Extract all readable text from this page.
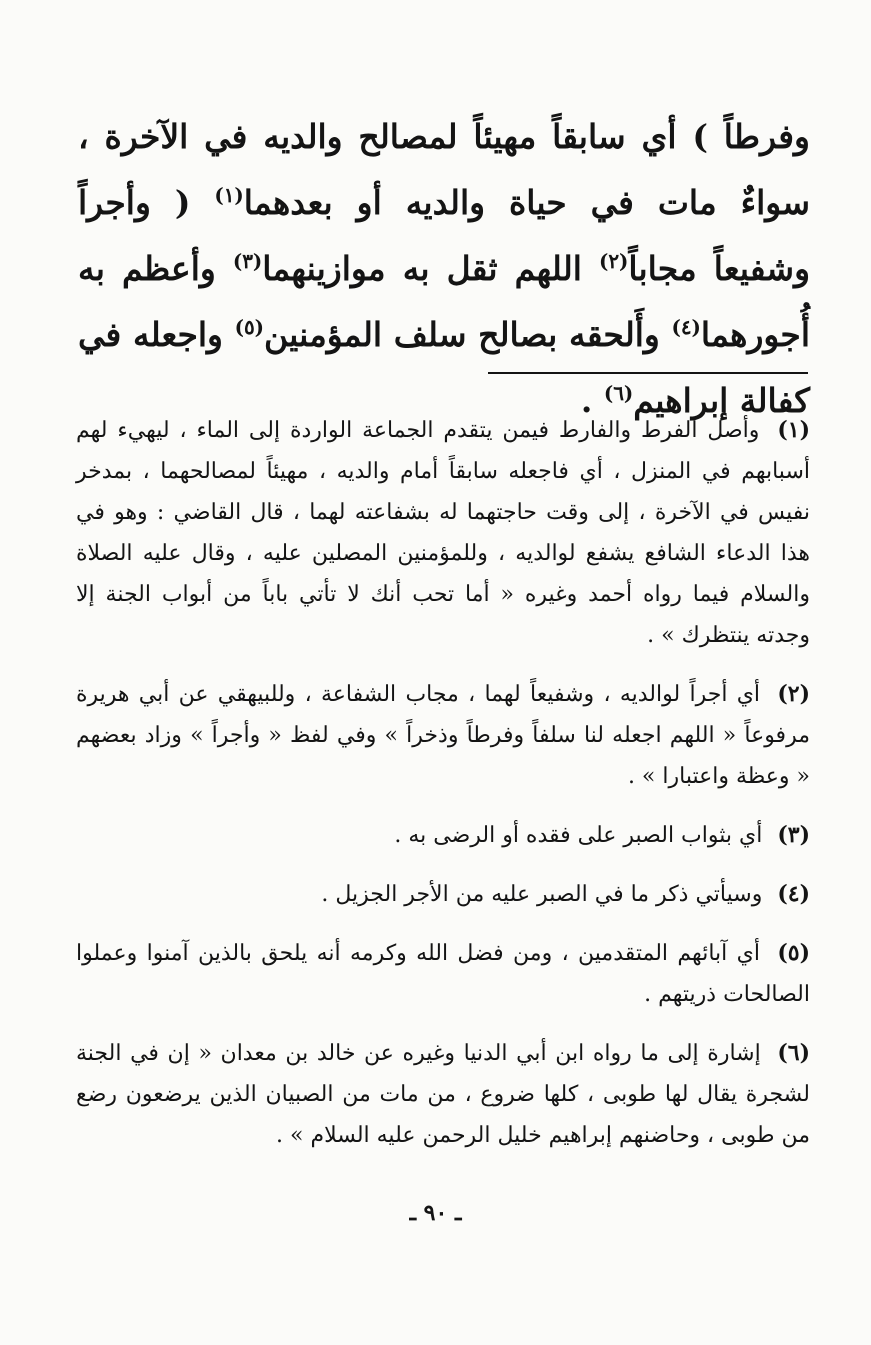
وفرطاً ) أي سابقاً مهيئاً لمصالح والديه في الآخرة ، سواءٌ مات في حياة والديه أو بعدهما$^{(١)}$ ( وأجراً وشفيعاً مجاباً$^{(٢)}$ اللهم ثقل به موازينهما$^{(٣)}$ وأعظم به أُجورهما$^{(٤)}$ وأَلحقه بصالح سلف المؤمنين$^{(٥)}$ واجعله في كفالة إبراهيم$^{(٦)}$ .

(١) وأصل الفرط والفارط فيمن يتقدم الجماعة الواردة إلى الماء ، ليهيء لهم أسبابهم في المنزل ، أي فاجعله سابقاً أمام والديه ، مهيئاً لمصالحهما ، بمدخر نفيس في الآخرة ، إلى وقت حاجتهما له بشفاعته لهما ، قال القاضي : وهو في هذا الدعاء الشافع يشفع لوالديه ، وللمؤمنين المصلين عليه ، وقال عليه الصلاة والسلام فيما رواه أحمد وغيره « أما تحب أنك لا تأتي باباً من أبواب الجنة إلا وجدته ينتظرك » .

(٢) أي أجراً لوالديه ، وشفيعاً لهما ، مجاب الشفاعة ، وللبيهقي عن أبي هريرة مرفوعاً « اللهم اجعله لنا سلفاً وفرطاً وذخراً » وفي لفظ « وأجراً » وزاد بعضهم « وعظة واعتبارا » .

(٣) أي بثواب الصبر على فقده أو الرضى به .

(٤) وسيأتي ذكر ما في الصبر عليه من الأجر الجزيل .

(٥) أي آبائهم المتقدمين ، ومن فضل الله وكرمه أنه يلحق بالذين آمنوا وعملوا الصالحات ذريتهم .

(٦) إشارة إلى ما رواه ابن أبي الدنيا وغيره عن خالد بن معدان « إن في الجنة لشجرة يقال لها طوبى ، كلها ضروع ، من مات من الصبيان الذين يرضعون رضع من طوبى ، وحاضنهم إبراهيم خليل الرحمن عليه السلام » .

ـ ٩٠ ـ
